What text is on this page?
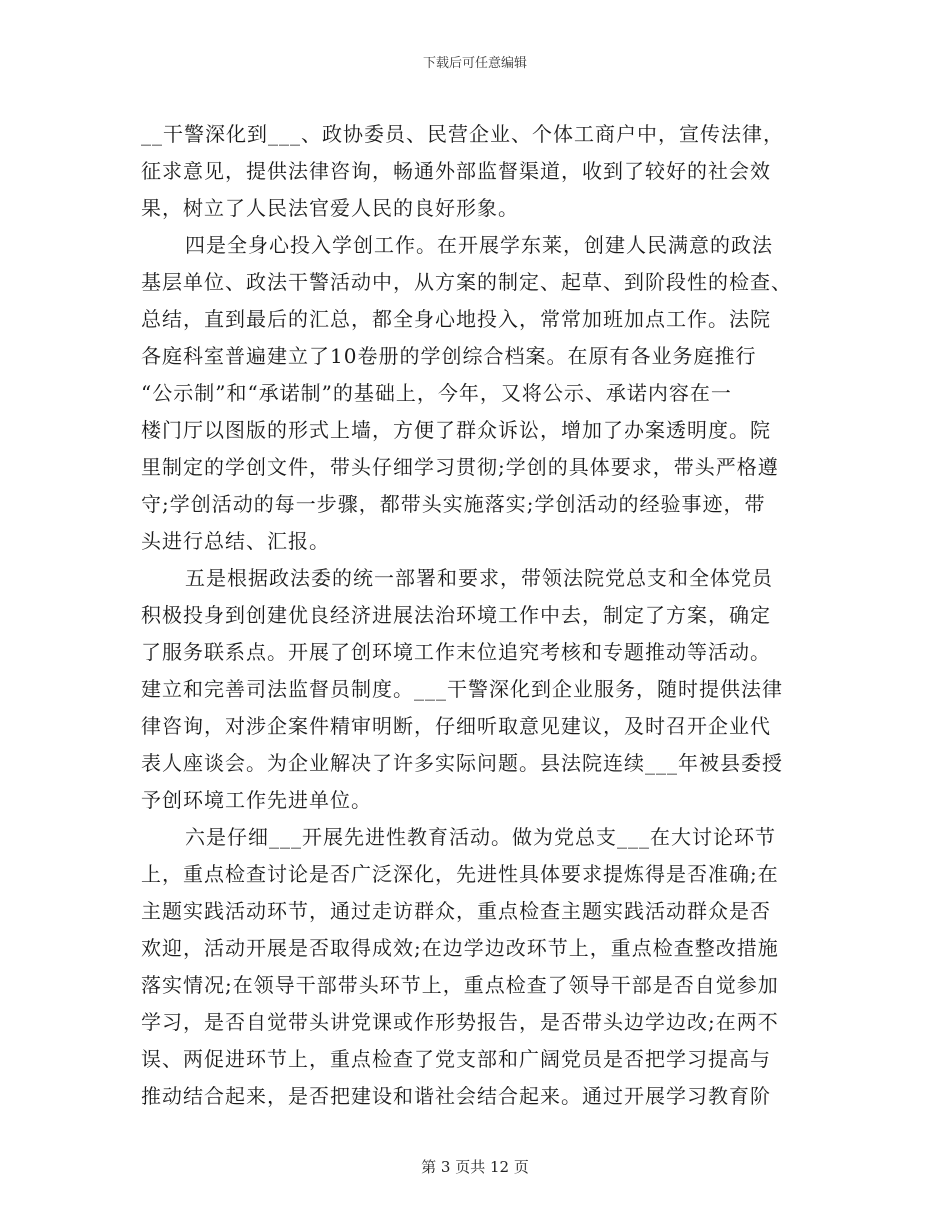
下载后可任意编辑
__干警深化到___、政协委员、民营企业、个体工商户中，宣传法律，
征求意见，提供法律咨询，畅通外部监督渠道，收到了较好的社会效
果，树立了人民法官爱人民的良好形象。
四是全身心投入学创工作。在开展学东莱，创建人民满意的政法
基层单位、政法干警活动中，从方案的制定、起草、到阶段性的检查、
总结，直到最后的汇总，都全身心地投入，常常加班加点工作。法院
各庭科室普遍建立了10卷册的学创综合档案。在原有各业务庭推行
“公示制”和“承诺制”的基础上，今年，又将公示、承诺内容在一
楼门厅以图版的形式上墙，方便了群众诉讼，增加了办案透明度。院
里制定的学创文件，带头仔细学习贯彻;学创的具体要求，带头严格遵
守;学创活动的每一步骤，都带头实施落实;学创活动的经验事迹，带
头进行总结、汇报。
五是根据政法委的统一部署和要求，带领法院党总支和全体党员
积极投身到创建优良经济进展法治环境工作中去，制定了方案，确定
了服务联系点。开展了创环境工作末位追究考核和专题推动等活动。
建立和完善司法监督员制度。___干警深化到企业服务，随时提供法律
律咨询，对涉企案件精审明断，仔细听取意见建议，及时召开企业代
表人座谈会。为企业解决了许多实际问题。县法院连续___年被县委授
予创环境工作先进单位。
六是仔细___开展先进性教育活动。做为党总支___在大讨论环节
上，重点检查讨论是否广泛深化，先进性具体要求提炼得是否准确;在
主题实践活动环节，通过走访群众，重点检查主题实践活动群众是否
欢迎，活动开展是否取得成效;在边学边改环节上，重点检查整改措施
落实情况;在领导干部带头环节上，重点检查了领导干部是否自觉参加
学习，是否自觉带头讲党课或作形势报告，是否带头边学边改;在两不
误、两促进环节上，重点检查了党支部和广阔党员是否把学习提高与
推动结合起来，是否把建设和谐社会结合起来。通过开展学习教育阶
第 3 页共 12 页
